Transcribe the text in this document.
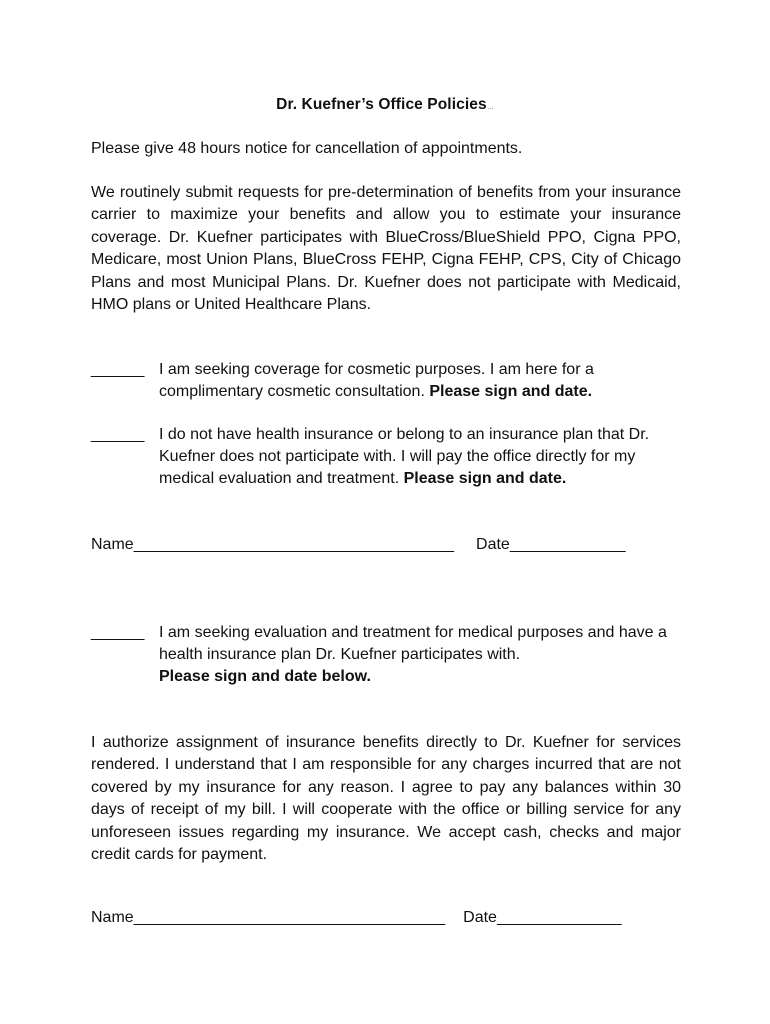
Dr. Kuefner’s Office Policies...

Please give 48 hours notice for cancellation of appointments.

We routinely submit requests for pre-determination of benefits from your insurance carrier to maximize your benefits and allow you to estimate your insurance coverage. Dr. Kuefner participates with BlueCross/BlueShield PPO, Cigna PPO, Medicare, most Union Plans, BlueCross FEHP, Cigna FEHP, CPS, City of Chicago Plans and most Municipal Plans. Dr. Kuefner does not participate with Medicaid, HMO plans or United Healthcare Plans.

______ I am seeking coverage for cosmetic purposes. I am here for a complimentary cosmetic consultation. Please sign and date.
______ I do not have health insurance or belong to an insurance plan that Dr. Kuefner does not participate with. I will pay the office directly for my medical evaluation and treatment. Please sign and date.
Name____________________________________ Date_____________
______ I am seeking evaluation and treatment for medical purposes and have a health insurance plan Dr. Kuefner participates with.
Please sign and date below.

I authorize assignment of insurance benefits directly to Dr. Kuefner for services rendered. I understand that I am responsible for any charges incurred that are not covered by my insurance for any reason. I agree to pay any balances within 30 days of receipt of my bill. I will cooperate with the office or billing service for any unforeseen issues regarding my insurance. We accept cash, checks and major credit cards for payment.

Name___________________________________ Date______________
